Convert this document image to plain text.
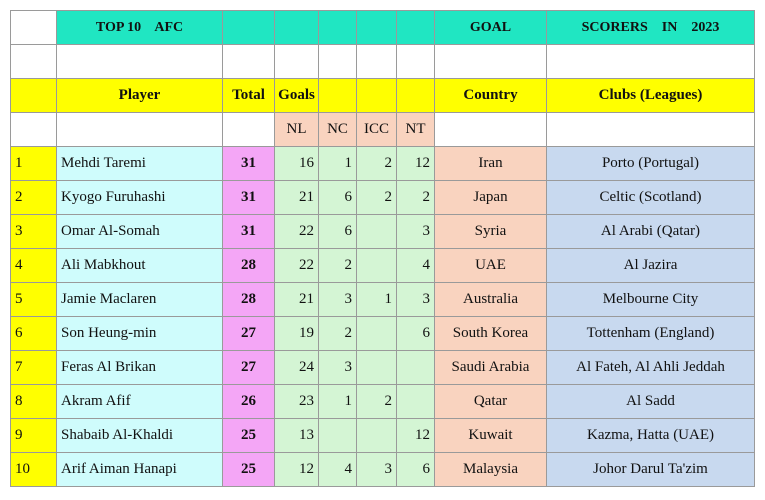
	TOP 10    AFC						GOAL	SCORERS    IN    2023

	Player	Total	Goals				Country	Clubs (Leagues)
			NL	NC	ICC	NT		
1	Mehdi Taremi	31	16	1	2	12	Iran	Porto (Portugal)
2	Kyogo Furuhashi	31	21	6	2	2	Japan	Celtic (Scotland)
3	Omar Al-Somah	31	22	6		3	Syria	Al Arabi (Qatar)
4	Ali Mabkhout	28	22	2		4	UAE	Al Jazira
5	Jamie Maclaren	28	21	3	1	3	Australia	Melbourne City
6	Son Heung-min	27	19	2		6	South Korea	Tottenham (England)
7	Feras Al Brikan	27	24	3			Saudi Arabia	Al Fateh, Al Ahli Jeddah
8	Akram Afif	26	23	1	2		Qatar	Al Sadd
9	Shabaib Al-Khaldi	25	13			12	Kuwait	Kazma, Hatta (UAE)
10	Arif Aiman Hanapi	25	12	4	3	6	Malaysia	Johor Darul Ta'zim
